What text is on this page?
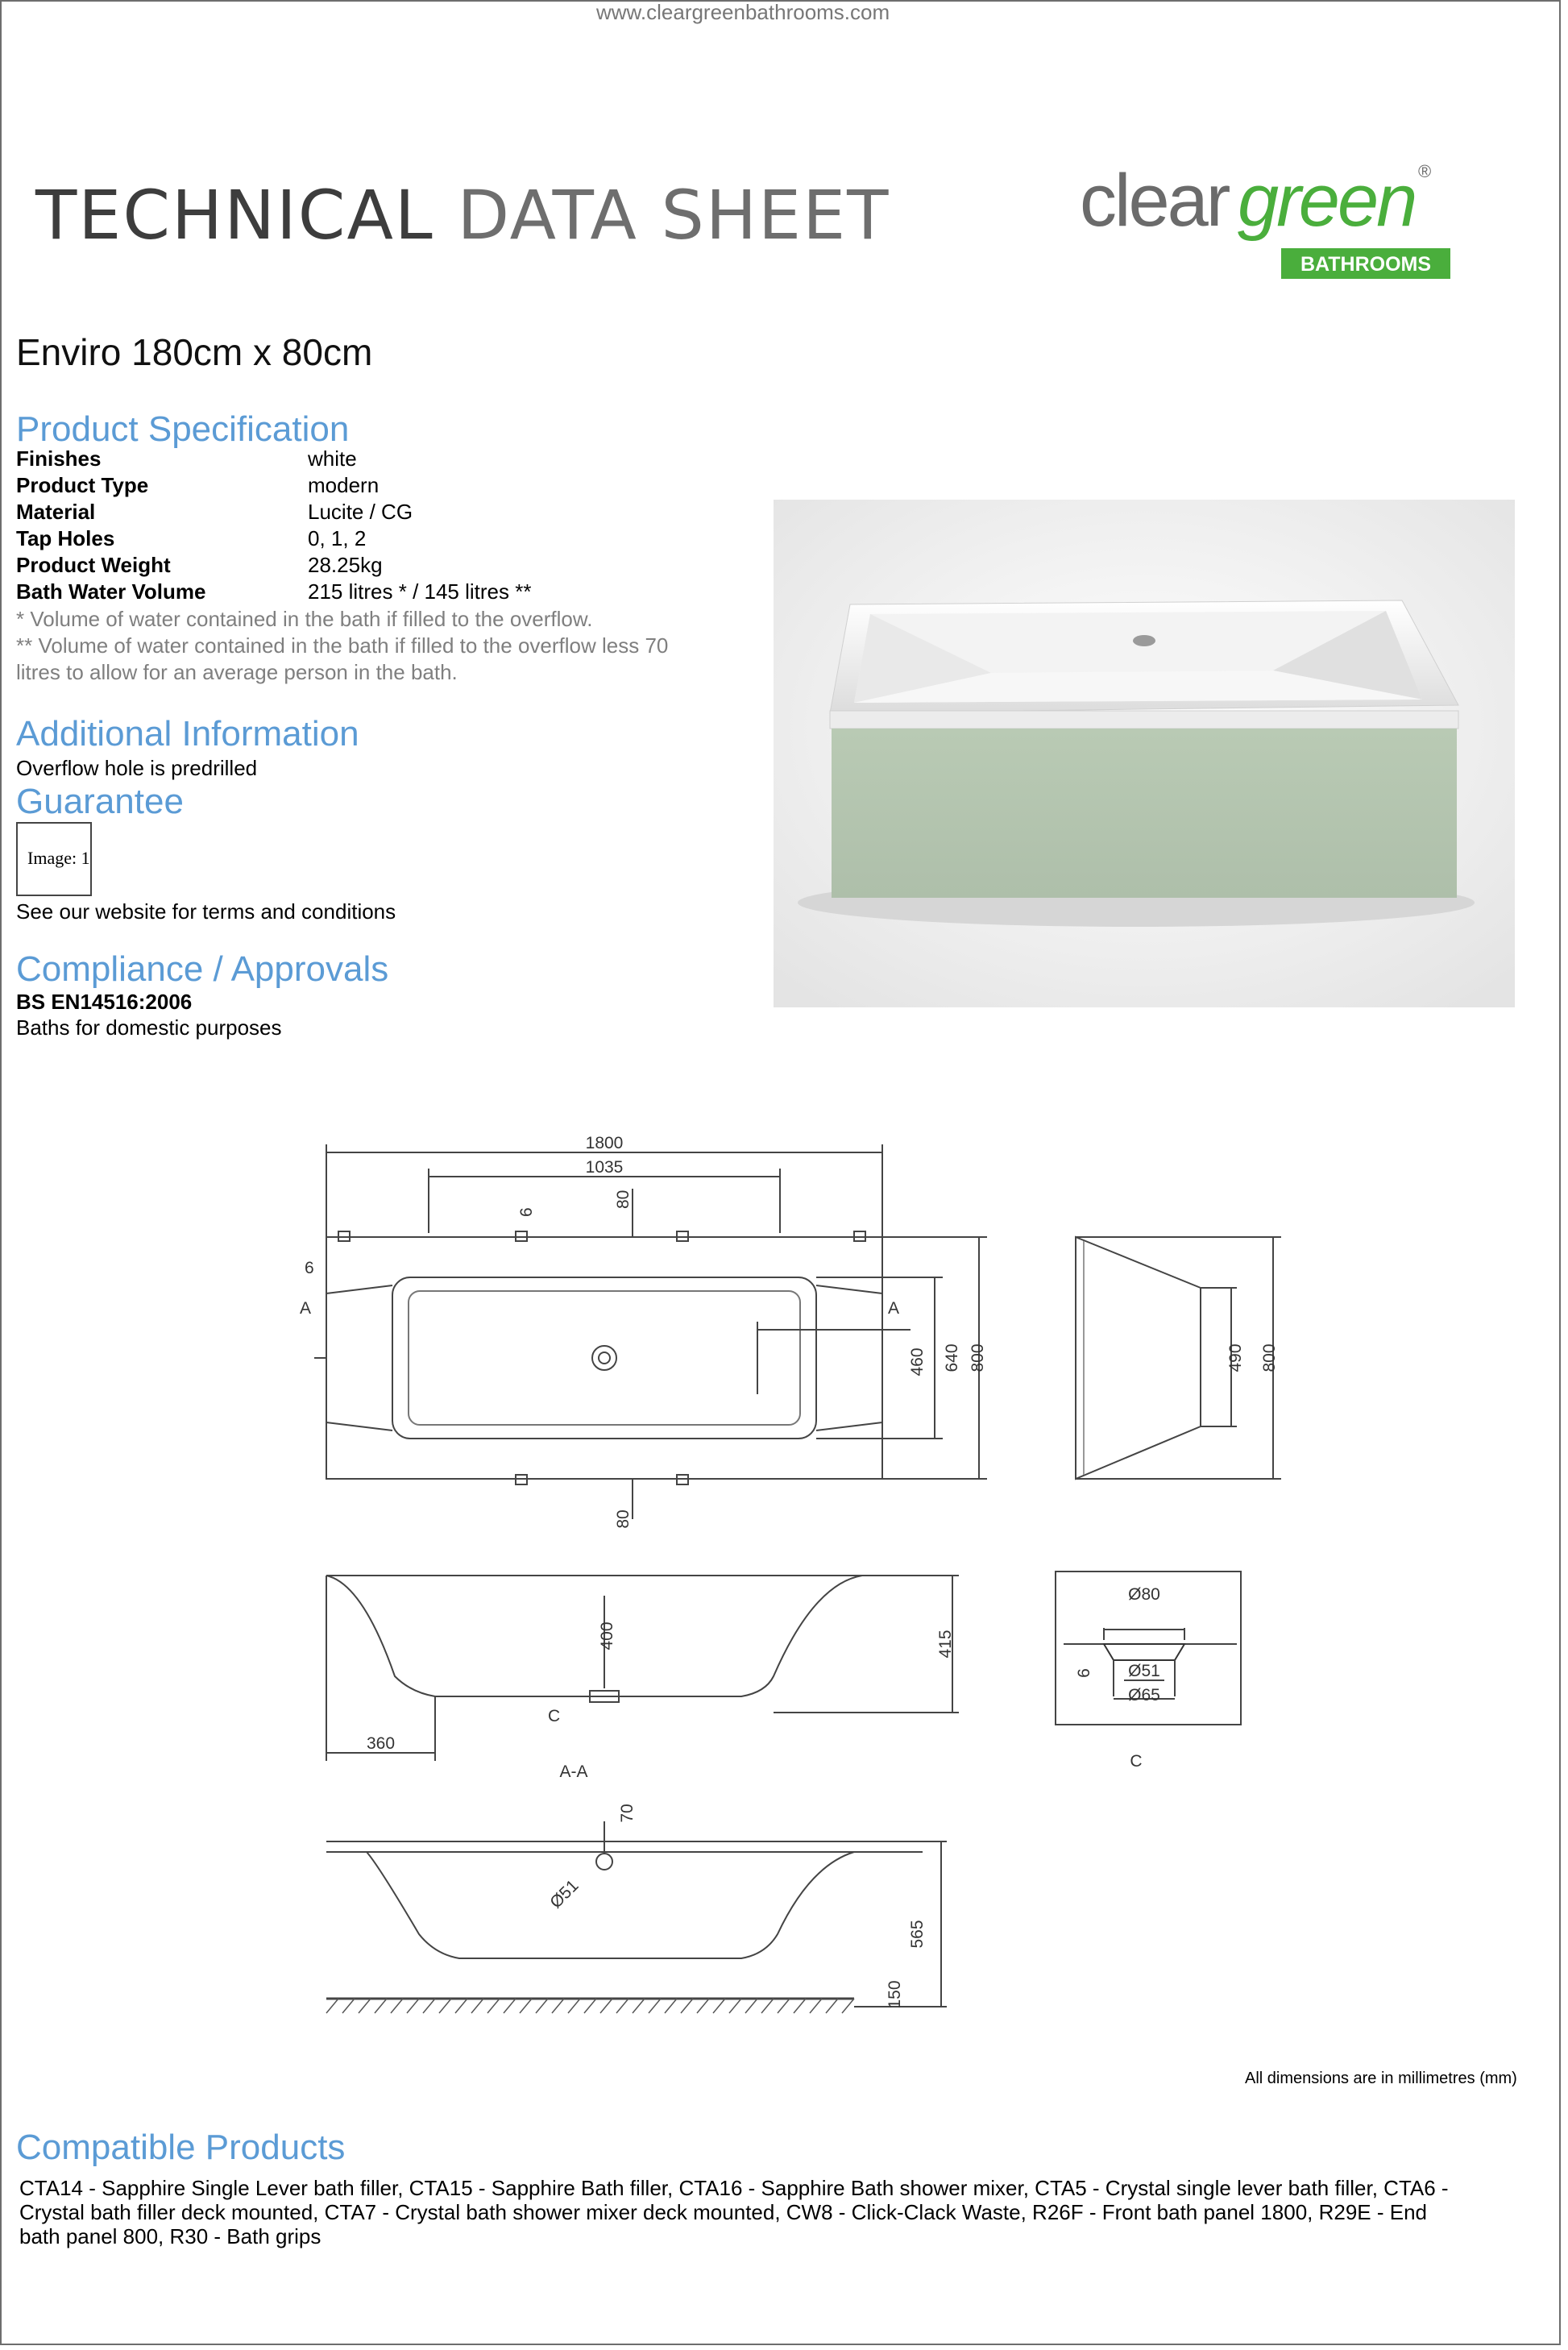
www.cleargreenbathrooms.com
TECHNICAL DATA SHEET	clear green ®
BATHROOMS
Enviro 180cm x 80cm
Product Specification
Finishes	white
Product Type	modern
Material	Lucite / CG
Tap Holes	0, 1, 2
Product Weight	28.25kg
Bath Water Volume	215 litres * / 145 litres **
* Volume of water contained in the bath if filled to the overflow.
** Volume of water contained in the bath if filled to the overflow less 70
litres to allow for an average person in the bath.
Additional Information
Overflow hole is predrilled
Guarantee
Image: 1
See our website for terms and conditions
Compliance / Approvals
BS EN14516:2006
Baths for domestic purposes
1800
1035
6
80
6
A	A
460 640 800
80
490 800
400	415
360
C
A-A
Ø80
Ø51
Ø65
6
C
70
Ø51
565
150
All dimensions are in millimetres (mm)
Compatible Products
CTA14 - Sapphire Single Lever bath filler, CTA15 - Sapphire Bath filler, CTA16 - Sapphire Bath shower mixer, CTA5 - Crystal single lever bath filler, CTA6 - Crystal bath filler deck mounted, CTA7 - Crystal bath shower mixer deck mounted, CW8 - Click-Clack Waste, R26F - Front bath panel 1800, R29E - End bath panel 800, R30 - Bath grips
